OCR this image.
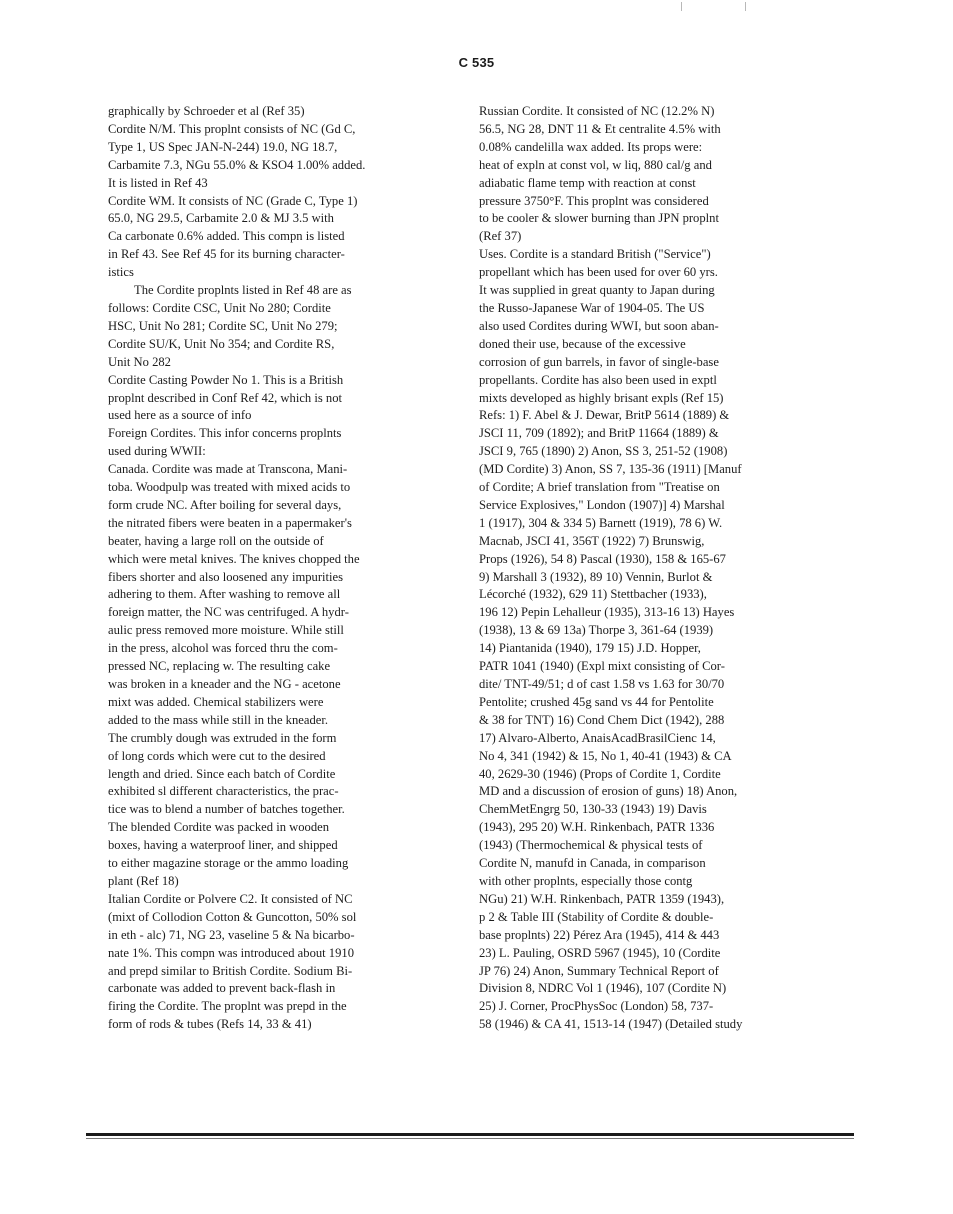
C 535
graphically by Schroeder et al (Ref 35)
Cordite N/M. This proplnt consists of NC (Gd C,
Type 1, US Spec JAN-N-244) 19.0, NG 18.7,
Carbamite 7.3, NGu 55.0% & KSO4 1.00% added.
It is listed in Ref 43
Cordite WM. It consists of NC (Grade C, Type 1)
65.0, NG 29.5, Carbamite 2.0 & MJ 3.5 with
Ca carbonate 0.6% added. This compn is listed
in Ref 43. See Ref 45 for its burning character-
istics
The Cordite proplnts listed in Ref 48 are as
follows: Cordite CSC, Unit No 280; Cordite
HSC, Unit No 281; Cordite SC, Unit No 279;
Cordite SU/K, Unit No 354; and Cordite RS,
Unit No 282
Cordite Casting Powder No 1. This is a British
proplnt described in Conf Ref 42, which is not
used here as a source of info
Foreign Cordites. This infor concerns proplnts
used during WWII:
Canada. Cordite was made at Transcona, Mani-
toba. Woodpulp was treated with mixed acids to
form crude NC. After boiling for several days,
the nitrated fibers were beaten in a papermaker's
beater, having a large roll on the outside of
which were metal knives. The knives chopped the
fibers shorter and also loosened any impurities
adhering to them. After washing to remove all
foreign matter, the NC was centrifuged. A hydr-
aulic press removed more moisture. While still
in the press, alcohol was forced thru the com-
pressed NC, replacing w. The resulting cake
was broken in a kneader and the NG - acetone
mixt was added. Chemical stabilizers were
added to the mass while still in the kneader.
The crumbly dough was extruded in the form
of long cords which were cut to the desired
length and dried. Since each batch of Cordite
exhibited sl different characteristics, the prac-
tice was to blend a number of batches together.
The blended Cordite was packed in wooden
boxes, having a waterproof liner, and shipped
to either magazine storage or the ammo loading
plant (Ref 18)
Italian Cordite or Polvere C2. It consisted of NC
(mixt of Collodion Cotton & Guncotton, 50% sol
in eth - alc) 71, NG 23, vaseline 5 & Na bicarbo-
nate 1%. This compn was introduced about 1910
and prepd similar to British Cordite. Sodium Bi-
carbonate was added to prevent back-flash in
firing the Cordite. The proplnt was prepd in the
form of rods & tubes (Refs 14, 33 & 41)
Russian Cordite. It consisted of NC (12.2% N)
56.5, NG 28, DNT 11 & Et centralite 4.5% with
0.08% candelilla wax added. Its props were:
heat of expln at const vol, w liq, 880 cal/g and
adiabatic flame temp with reaction at const
pressure 3750°F. This proplnt was considered
to be cooler & slower burning than JPN proplnt
(Ref 37)
Uses. Cordite is a standard British ("Service")
propellant which has been used for over 60 yrs.
It was supplied in great quanty to Japan during
the Russo-Japanese War of 1904-05. The US
also used Cordites during WWI, but soon aban-
doned their use, because of the excessive
corrosion of gun barrels, in favor of single-base
propellants. Cordite has also been used in exptl
mixts developed as highly brisant expls (Ref 15)
Refs: 1) F. Abel & J. Dewar, BritP 5614 (1889) &
JSCI 11, 709 (1892); and BritP 11664 (1889) &
JSCI 9, 765 (1890) 2) Anon, SS 3, 251-52 (1908)
(MD Cordite) 3) Anon, SS 7, 135-36 (1911) [Manuf
of Cordite; A brief translation from "Treatise on
Service Explosives," London (1907)] 4) Marshal
1 (1917), 304 & 334 5) Barnett (1919), 78 6) W.
Macnab, JSCI 41, 356T (1922) 7) Brunswig,
Props (1926), 54 8) Pascal (1930), 158 & 165-67
9) Marshall 3 (1932), 89 10) Vennin, Burlot &
Lécorché (1932), 629 11) Stettbacher (1933),
196 12) Pepin Lehalleur (1935), 313-16 13) Hayes
(1938), 13 & 69 13a) Thorpe 3, 361-64 (1939)
14) Piantanida (1940), 179 15) J.D. Hopper,
PATR 1041 (1940) (Expl mixt consisting of Cor-
dite/ TNT-49/51; d of cast 1.58 vs 1.63 for 30/70
Pentolite; crushed 45g sand vs 44 for Pentolite
& 38 for TNT) 16) Cond Chem Dict (1942), 288
17) Alvaro-Alberto, AnaisAcadBrasilCienc 14,
No 4, 341 (1942) & 15, No 1, 40-41 (1943) & CA
40, 2629-30 (1946) (Props of Cordite 1, Cordite
MD and a discussion of erosion of guns) 18) Anon,
ChemMetEngrg 50, 130-33 (1943) 19) Davis
(1943), 295 20) W.H. Rinkenbach, PATR 1336
(1943) (Thermochemical & physical tests of
Cordite N, manufd in Canada, in comparison
with other proplnts, especially those contg
NGu) 21) W.H. Rinkenbach, PATR 1359 (1943),
p 2 & Table III (Stability of Cordite & double-
base proplnts) 22) Pérez Ara (1945), 414 & 443
23) L. Pauling, OSRD 5967 (1945), 10 (Cordite
JP 76) 24) Anon, Summary Technical Report of
Division 8, NDRC Vol 1 (1946), 107 (Cordite N)
25) J. Corner, ProcPhysSoc (London) 58, 737-
58 (1946) & CA 41, 1513-14 (1947) (Detailed study
